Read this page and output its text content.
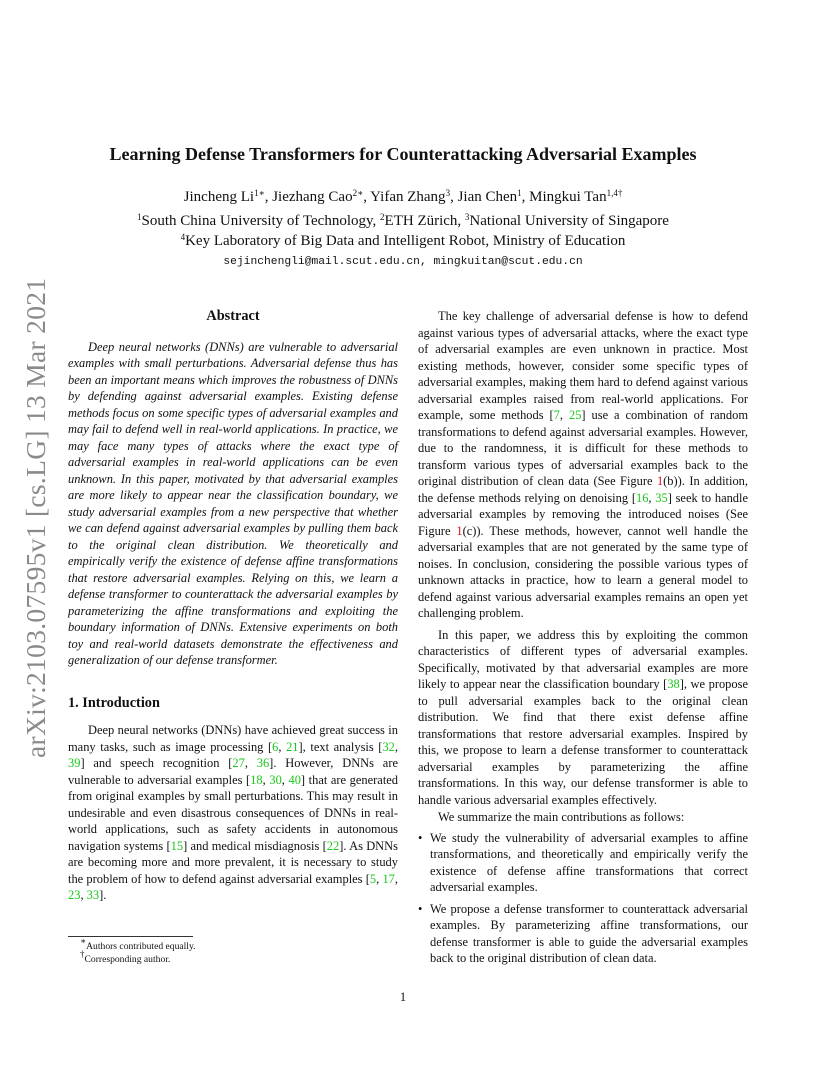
arXiv:2103.07595v1 [cs.LG] 13 Mar 2021
Learning Defense Transformers for Counterattacking Adversarial Examples
Jincheng $Li^{1∗}$, Jiezhang Cao$^{2∗}$, Yifan Zhang$^3$, Jian Chen$^1$, Mingkui Tan$^{1,4\dagger}$
$^1$South China University of Technology, $^2$ETH Zürich, $^3$National University of Singapore
$^4$Key Laboratory of Big Data and Intelligent Robot, Ministry of Education
sejinchengli@mail.scut.edu.cn, mingkuitan@scut.edu.cn
Abstract

Deep neural networks (DNNs) are vulnerable to adversarial examples with small perturbations. Adversarial defense thus has been an important means which improves the robustness of DNNs by defending against adversarial examples. Existing defense methods focus on some specific types of adversarial examples and may fail to defend well in real-world applications. In practice, we may face many types of attacks where the exact type of adversarial examples in real-world applications can be even unknown. In this paper, motivated by that adversarial examples are more likely to appear near the classification boundary, we study adversarial examples from a new perspective that whether we can defend against adversarial examples by pulling them back to the original clean distribution. We theoretically and empirically verify the existence of defense affine transformations that restore adversarial examples. Relying on this, we learn a defense transformer to counterattack the adversarial examples by parameterizing the affine transformations and exploiting the boundary information of DNNs. Extensive experiments on both toy and real-world datasets demonstrate the effectiveness and generalization of our defense transformer.

1. Introduction

Deep neural networks (DNNs) have achieved great success in many tasks, such as image processing [6, 21], text analysis [32, 39] and speech recognition [27, 36]. However, DNNs are vulnerable to adversarial examples [18, 30, 40] that are generated from original examples by small perturbations. This may result in undesirable and even disastrous consequences of DNNs in real-world applications, such as safety accidents in autonomous navigation systems [15] and medical misdiagnosis [22]. As DNNs are becoming more and more prevalent, it is necessary to study the problem of how to defend against adversarial examples [5, 17, 23, 33].

The key challenge of adversarial defense is how to defend against various types of adversarial attacks, where the exact type of adversarial examples are even unknown in practice. Most existing methods, however, consider some specific types of adversarial examples, making them hard to defend against various adversarial examples raised from real-world applications. For example, some methods [7, 25] use a combination of random transformations to defend against adversarial examples. However, due to the randomness, it is difficult for these methods to transform various types of adversarial examples back to the original distribution of clean data (See Figure 1(b)). In addition, the defense methods relying on denoising [16, 35] seek to handle adversarial examples by removing the introduced noises (See Figure 1(c)). These methods, however, cannot well handle the adversarial examples that are not generated by the same type of noises. In conclusion, considering the possible various types of unknown attacks in practice, how to learn a general model to defend against various adversarial examples remains an open yet challenging problem.

In this paper, we address this by exploiting the common characteristics of different types of adversarial examples. Specifically, motivated by that adversarial examples are more likely to appear near the classification boundary [38], we propose to pull adversarial examples back to the original clean distribution. We find that there exist defense affine transformations that restore adversarial examples. Inspired by this, we propose to learn a defense transformer to counterattack adversarial examples by parameterizing the affine transformations. In this way, our defense transformer is able to handle various adversarial examples effectively.

We summarize the main contributions as follows:

• We study the vulnerability of adversarial examples to affine transformations, and theoretically and empirically verify the existence of defense affine transformations that correct adversarial examples.
• We propose a defense transformer to counterattack adversarial examples. By parameterizing affine transformations, our defense transformer is able to guide the adversarial examples back to the original distribution of clean data.
∗Authors contributed equally.
†Corresponding author.
1
